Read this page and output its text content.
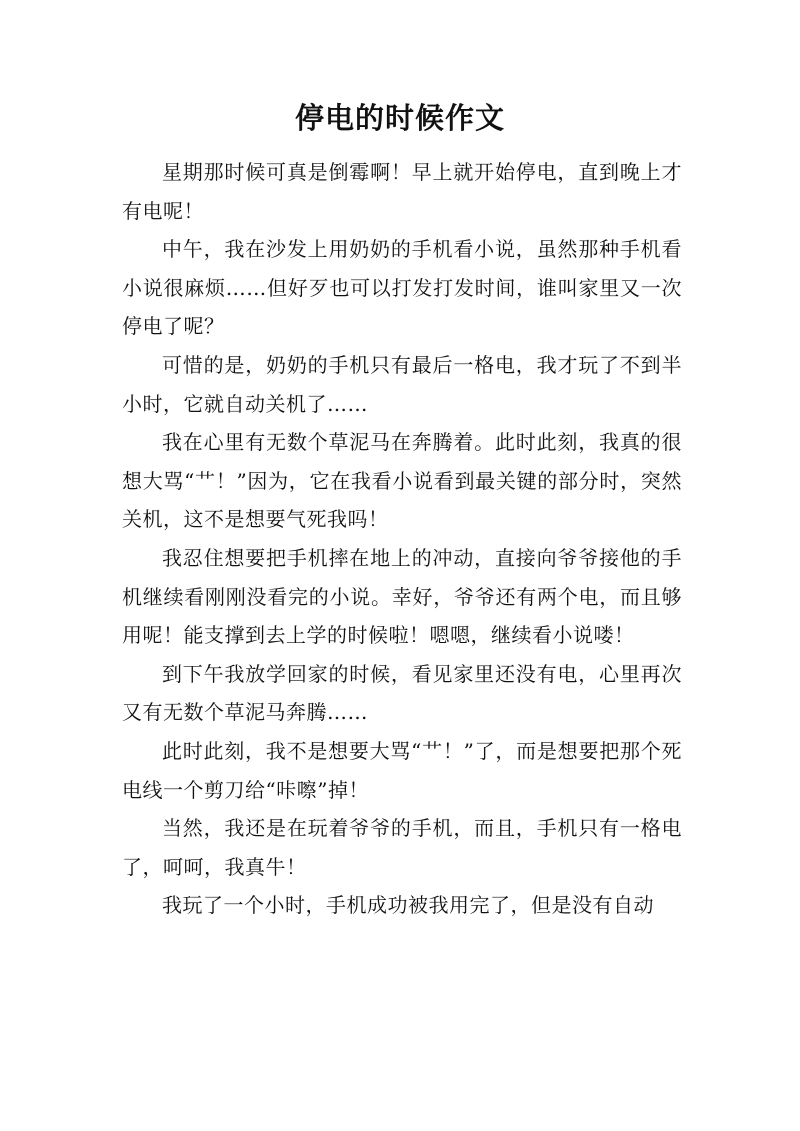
停电的时候作文

星期那时候可真是倒霉啊！早上就开始停电，直到晚上才有电呢！

中午，我在沙发上用奶奶的手机看小说，虽然那种手机看小说很麻烦……但好歹也可以打发打发时间，谁叫家里又一次停电了呢？

可惜的是，奶奶的手机只有最后一格电，我才玩了不到半小时，它就自动关机了……

我在心里有无数个草泥马在奔腾着。此时此刻，我真的很想大骂“艹！”因为，它在我看小说看到最关键的部分时，突然关机，这不是想要气死我吗！

我忍住想要把手机摔在地上的冲动，直接向爷爷接他的手机继续看刚刚没看完的小说。幸好，爷爷还有两个电，而且够用呢！能支撑到去上学的时候啦！嗯嗯，继续看小说喽！

到下午我放学回家的时候，看见家里还没有电，心里再次又有无数个草泥马奔腾……

此时此刻，我不是想要大骂“艹！”了，而是想要把那个死电线一个剪刀给“咔嚓”掉！

当然，我还是在玩着爷爷的手机，而且，手机只有一格电了，呵呵，我真牛！

我玩了一个小时，手机成功被我用完了，但是没有自动
